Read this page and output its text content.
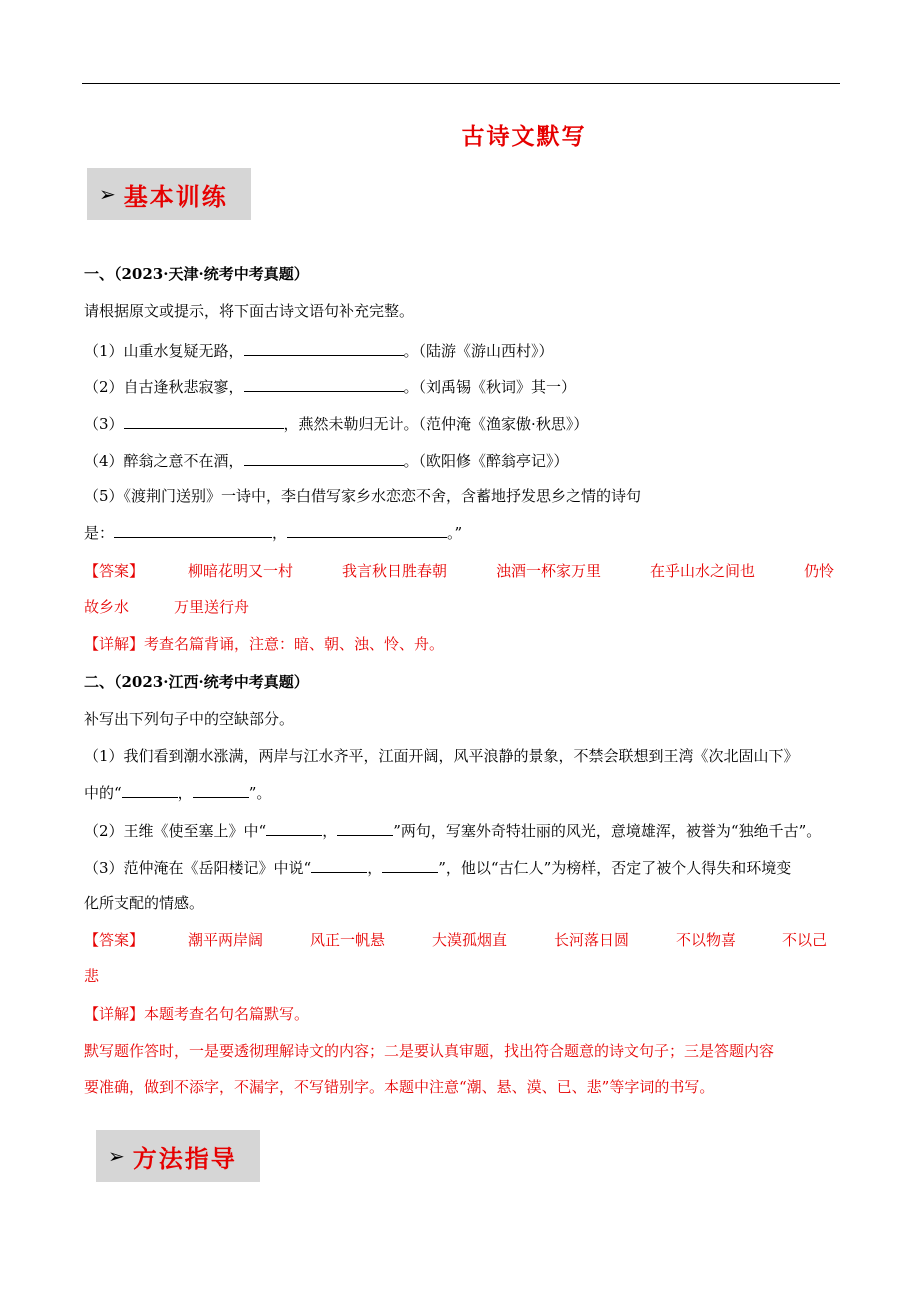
古诗文默写
➢ 基本训练
一、（2023·天津·统考中考真题）
请根据原文或提示，将下面古诗文语句补充完整。
（1）山重水复疑无路，	。（陆游《游山西村》）
（2）自古逢秋悲寂寥，	。（刘禹锡《秋词》其一）
（3）	，燕然未勒归无计。（范仲淹《渔家傲·秋思》）
（4）醉翁之意不在酒，	。（欧阳修《醉翁亭记》）
（5）《渡荆门送别》一诗中，李白借写家乡水恋恋不舍，含蓄地抒发思乡之情的诗句
是：	，	。”
【答案】	柳暗花明又一村	我言秋日胜春朝	浊酒一杯家万里	在乎山水之间也	仍怜
故乡水	万里送行舟
【详解】考查名篇背诵，注意：暗、朝、浊、怜、舟。
二、（2023·江西·统考中考真题）
补写出下列句子中的空缺部分。
（1）我们看到潮水涨满，两岸与江水齐平，江面开阔，风平浪静的景象，不禁会联想到王湾《次北固山下》
中的“	，	”。
（2）王维《使至塞上》中“	，	”两句，写塞外奇特壮丽的风光，意境雄浑，被誉为“独绝千古”。
（3）范仲淹在《岳阳楼记》中说“	，	”，他以“古仁人”为榜样，否定了被个人得失和环境变
化所支配的情感。
【答案】	潮平两岸阔	风正一帆悬	大漠孤烟直	长河落日圆	不以物喜	不以己
悲
【详解】本题考查名句名篇默写。
默写题作答时，一是要透彻理解诗文的内容；二是要认真审题，找出符合题意的诗文句子；三是答题内容
要准确，做到不添字，不漏字，不写错别字。本题中注意“潮、悬、漠、已、悲”等字词的书写。
➢ 方法指导
